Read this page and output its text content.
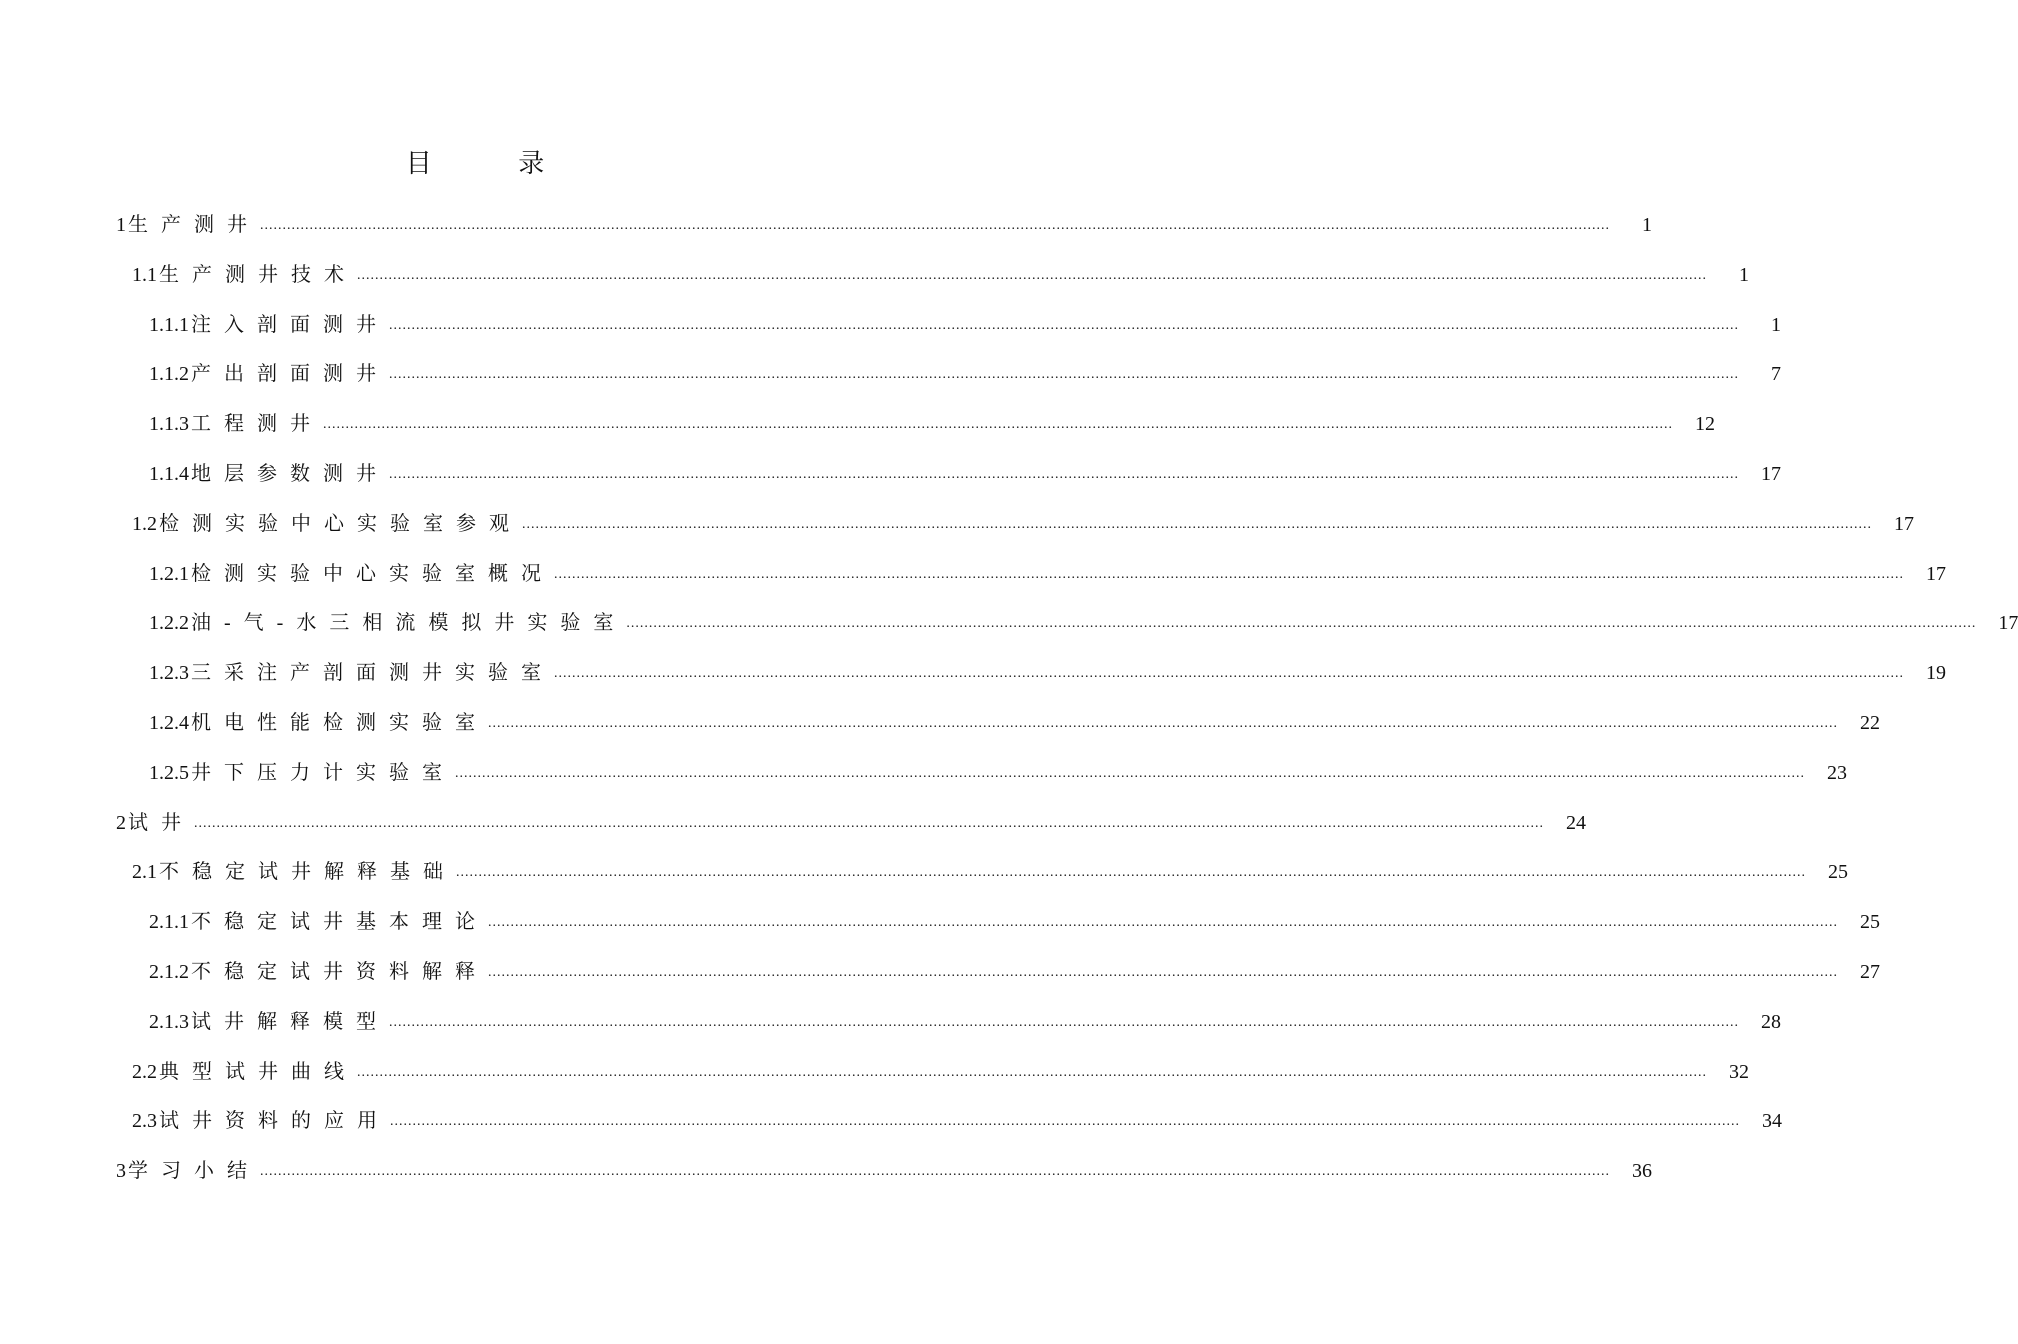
目 录
1 生产测井 ............................................................................................................................................................................................................................................................................................................	1
1.1 生产测井技术 ............................................................................................................................................................................................................................................................................................................	1
1.1.1 注入剖面测井 ............................................................................................................................................................................................................................................................................................................	1
1.1.2 产出剖面测井 ............................................................................................................................................................................................................................................................................................................	7
1.1.3 工程测井 ............................................................................................................................................................................................................................................................................................................	12
1.1.4 地层参数测井 ............................................................................................................................................................................................................................................................................................................	17
1.2 检测实验中心实验室参观 ............................................................................................................................................................................................................................................................................................................	17
1.2.1 检测实验中心实验室概况 ............................................................................................................................................................................................................................................................................................................	17
1.2.2 油-气-水三相流模拟井实验室 ............................................................................................................................................................................................................................................................................................................	17
1.2.3 三采注产剖面测井实验室 ............................................................................................................................................................................................................................................................................................................	19
1.2.4 机电性能检测实验室 ............................................................................................................................................................................................................................................................................................................	22
1.2.5 井下压力计实验室 ............................................................................................................................................................................................................................................................................................................	23
2 试井 ............................................................................................................................................................................................................................................................................................................	24
2.1 不稳定试井解释基础 ............................................................................................................................................................................................................................................................................................................	25
2.1.1 不稳定试井基本理论 ............................................................................................................................................................................................................................................................................................................	25
2.1.2 不稳定试井资料解释 ............................................................................................................................................................................................................................................................................................................	27
2.1.3 试井解释模型 ............................................................................................................................................................................................................................................................................................................	28
2.2 典型试井曲线 ............................................................................................................................................................................................................................................................................................................	32
2.3 试井资料的应用 ............................................................................................................................................................................................................................................................................................................	34
3 学习小结 ............................................................................................................................................................................................................................................................................................................	36
